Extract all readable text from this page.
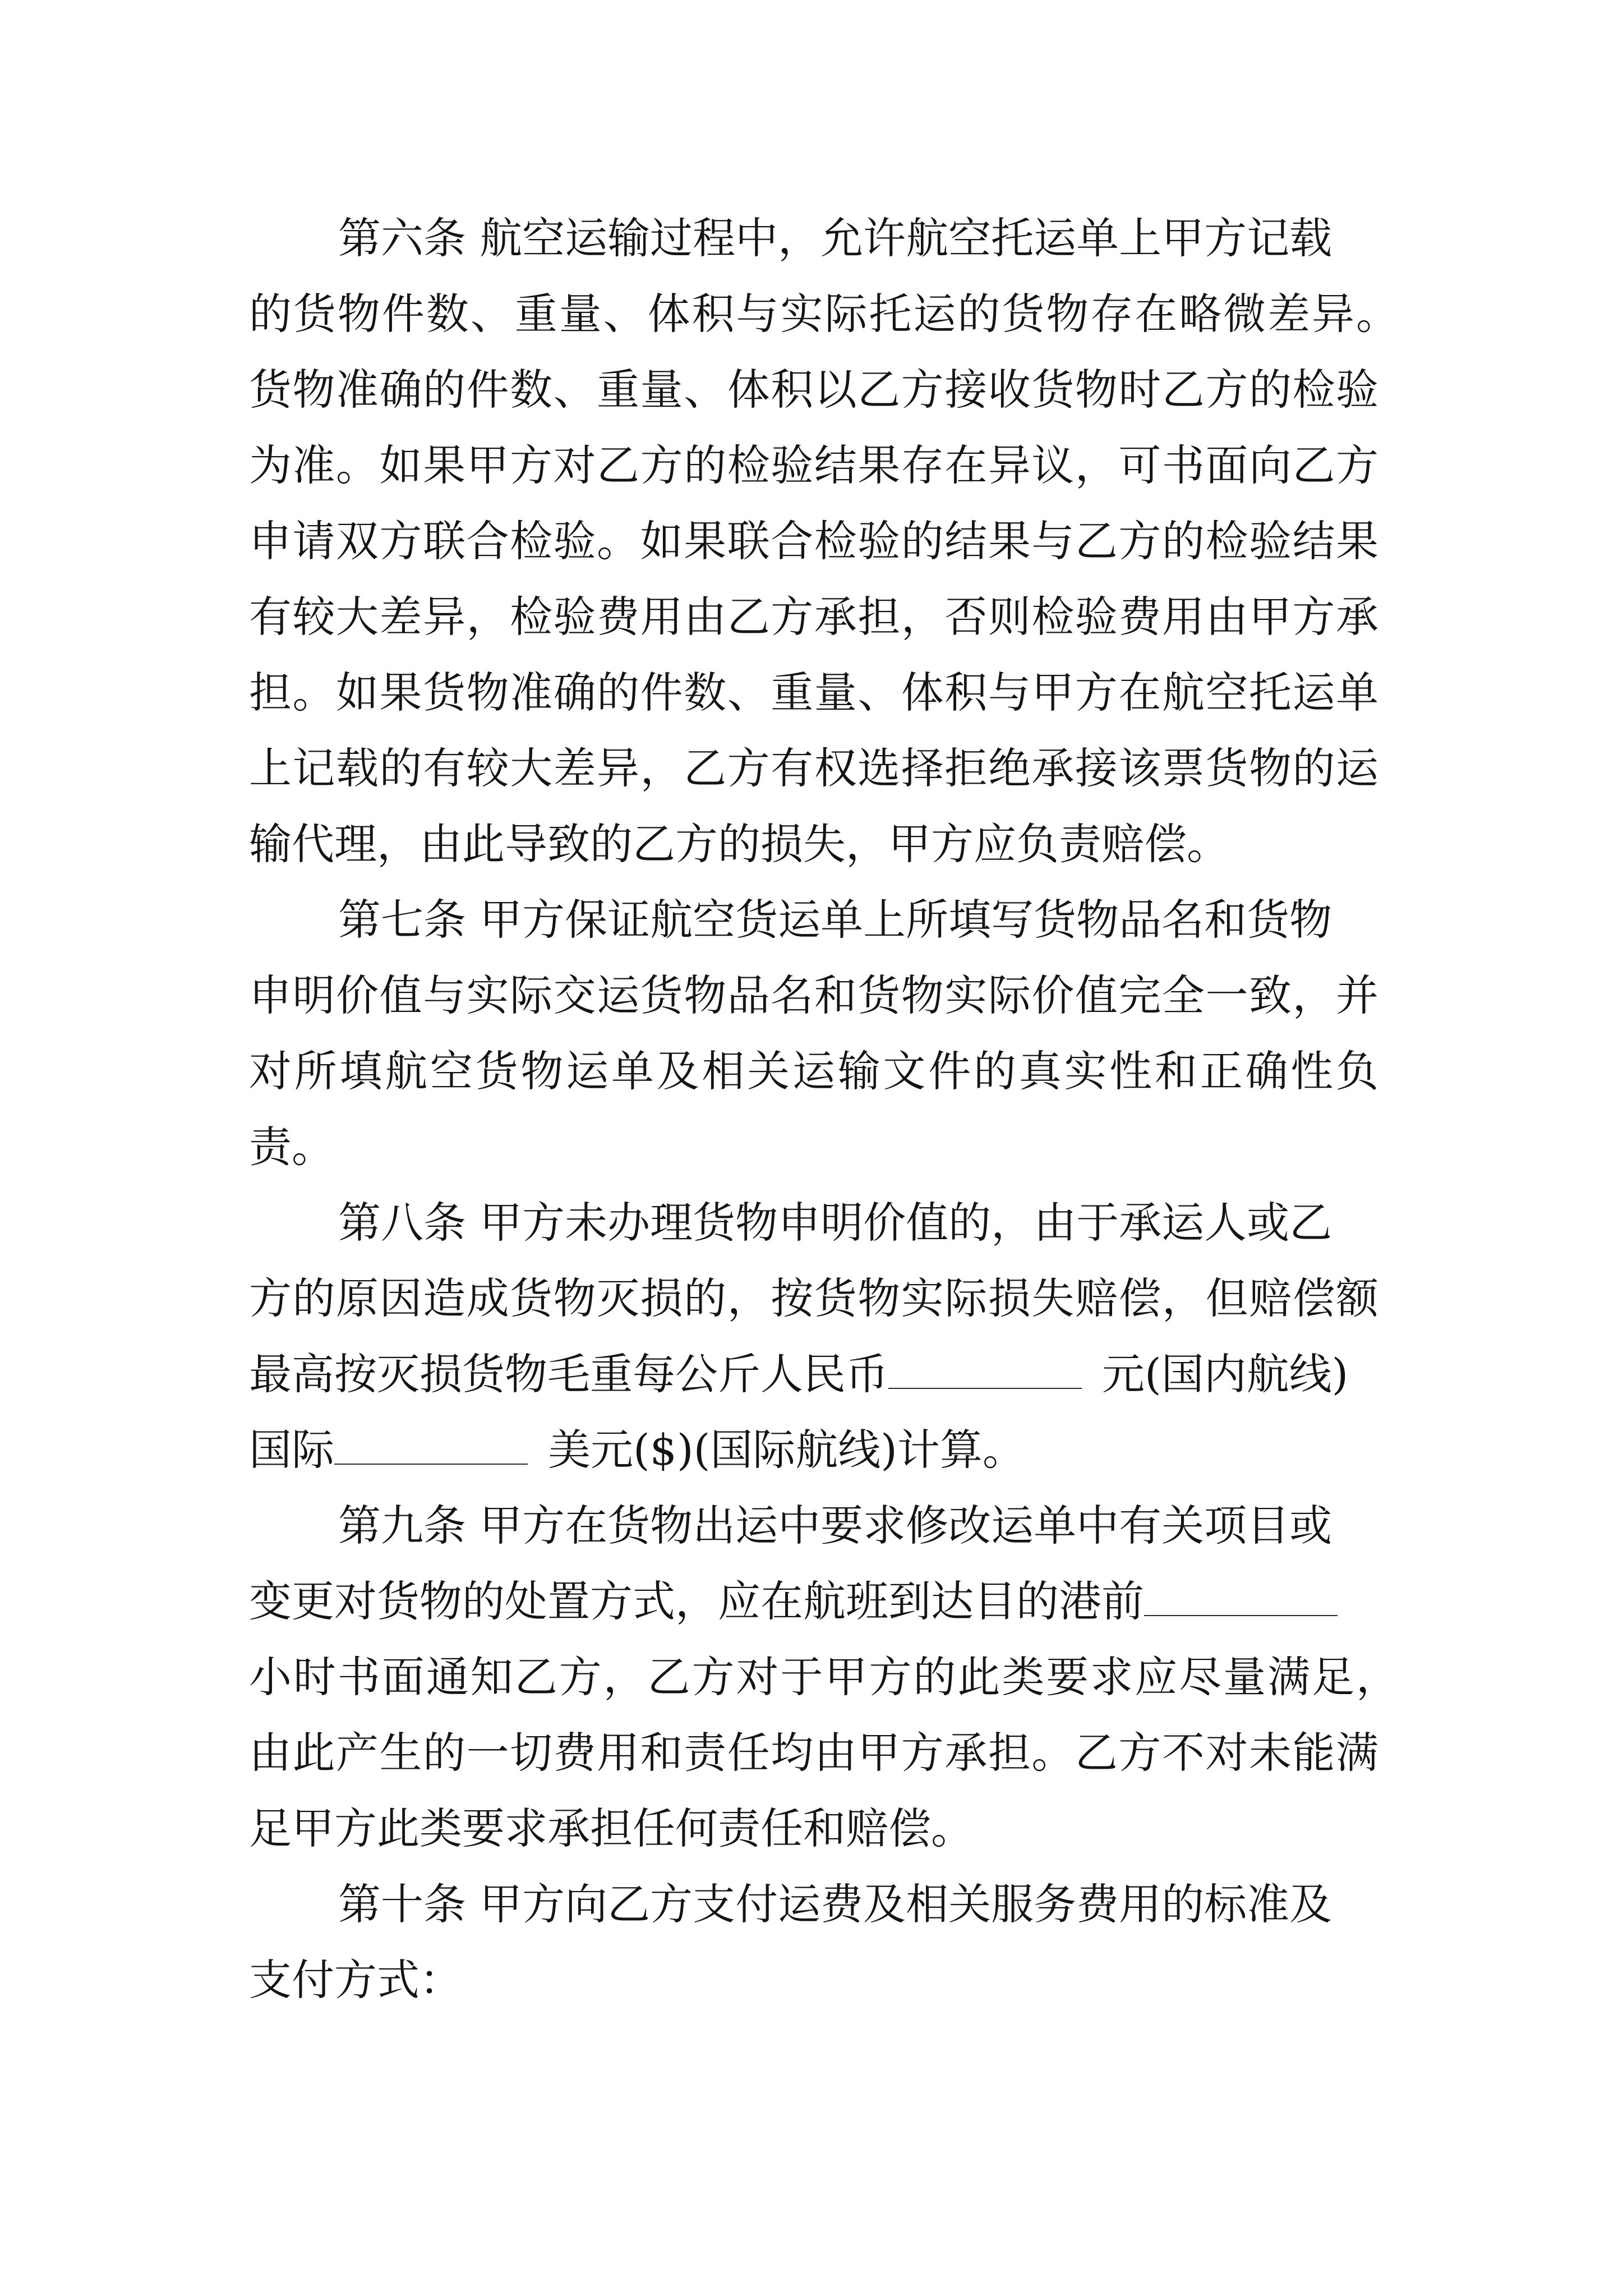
第六条 航空运输过程中，允许航空托运单上甲方记载
的货物件数、重量、体积与实际托运的货物存在略微差异。
货物准确的件数、重量、体积以乙方接收货物时乙方的检验
为准。如果甲方对乙方的检验结果存在异议，可书面向乙方
申请双方联合检验。如果联合检验的结果与乙方的检验结果
有较大差异，检验费用由乙方承担，否则检验费用由甲方承
担。如果货物准确的件数、重量、体积与甲方在航空托运单
上记载的有较大差异，乙方有权选择拒绝承接该票货物的运
输代理，由此导致的乙方的损失，甲方应负责赔偿。
第七条 甲方保证航空货运单上所填写货物品名和货物
申明价值与实际交运货物品名和货物实际价值完全一致，并
对所填航空货物运单及相关运输文件的真实性和正确性负
责。
第八条 甲方未办理货物申明价值的，由于承运人或乙
方的原因造成货物灭损的，按货物实际损失赔偿，但赔偿额
最高按灭损货物毛重每公斤人民币	元(国内航线)
国际	美元($)(国际航线)计算。
第九条 甲方在货物出运中要求修改运单中有关项目或
变更对货物的处置方式，应在航班到达目的港前
小时书面通知乙方，乙方对于甲方的此类要求应尽量满足，
由此产生的一切费用和责任均由甲方承担。乙方不对未能满
足甲方此类要求承担任何责任和赔偿。
第十条 甲方向乙方支付运费及相关服务费用的标准及
支付方式：
